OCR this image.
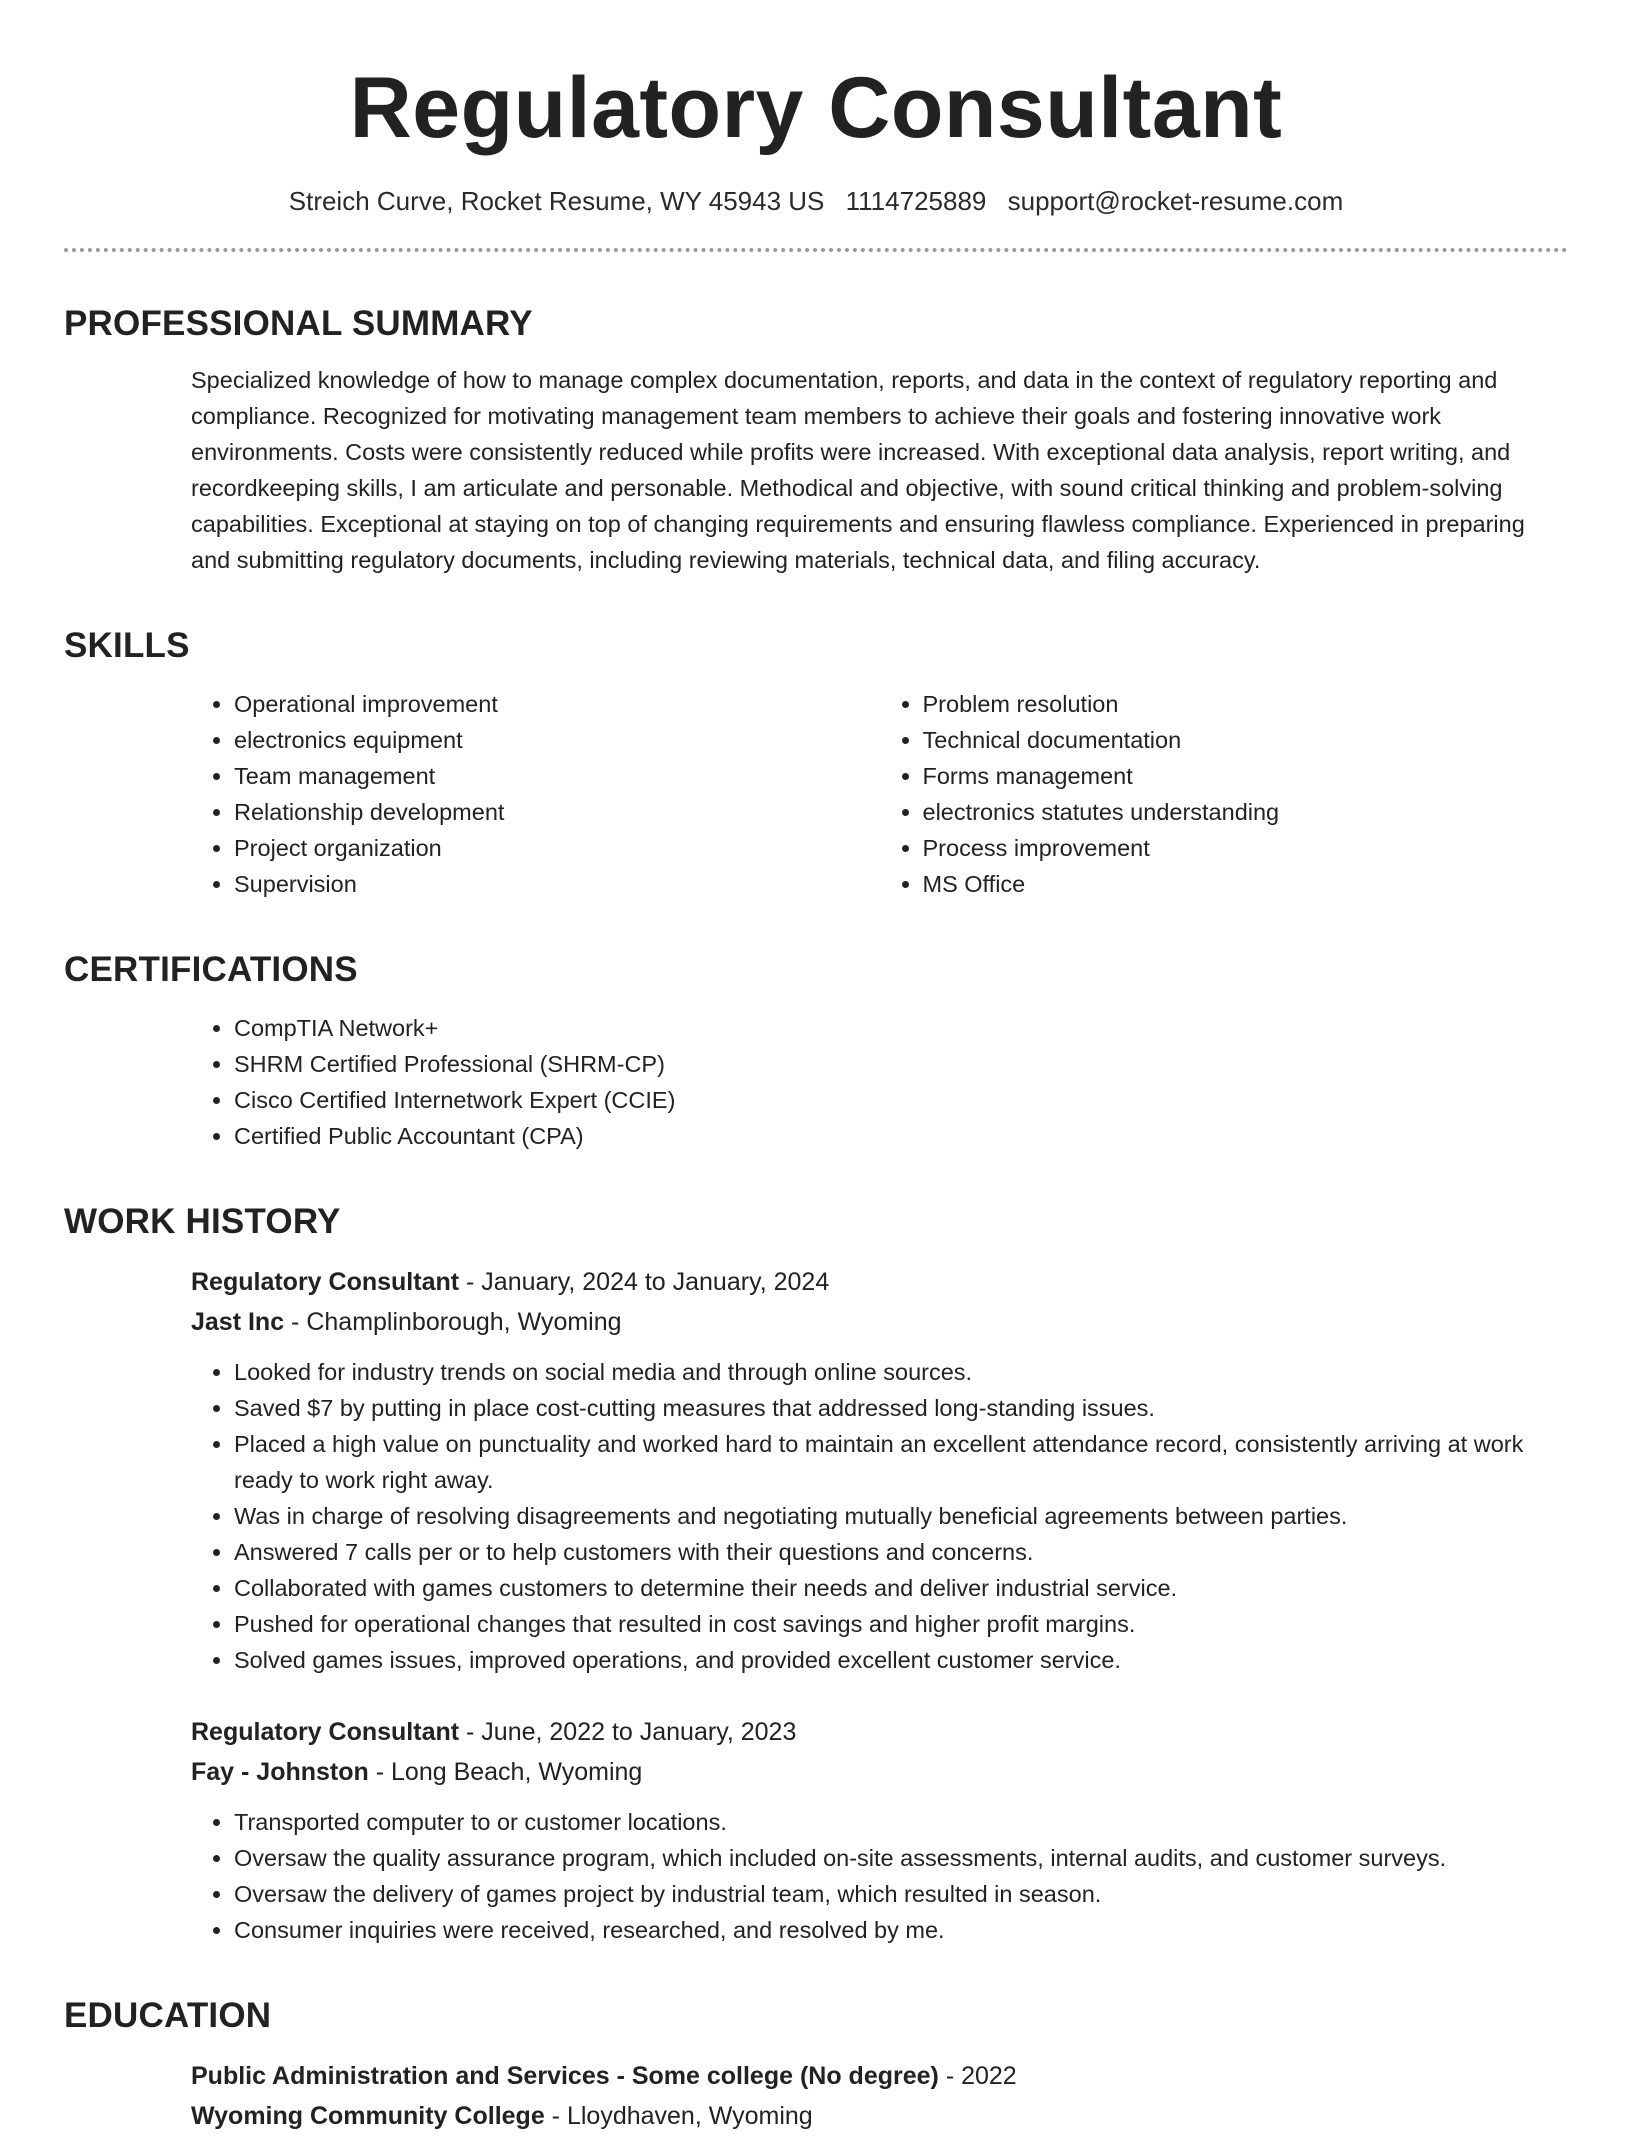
Regulatory Consultant
Streich Curve, Rocket Resume, WY 45943 US 1114725889 support@rocket-resume.com
PROFESSIONAL SUMMARY

Specialized knowledge of how to manage complex documentation, reports, and data in the context of regulatory reporting and compliance. Recognized for motivating management team members to achieve their goals and fostering innovative work environments. Costs were consistently reduced while profits were increased. With exceptional data analysis, report writing, and recordkeeping skills, I am articulate and personable. Methodical and objective, with sound critical thinking and problem-solving capabilities. Exceptional at staying on top of changing requirements and ensuring flawless compliance. Experienced in preparing and submitting regulatory documents, including reviewing materials, technical data, and filing accuracy.

SKILLS
• Operational improvement
• electronics equipment
• Team management
• Relationship development
• Project organization
• Supervision
• Problem resolution
• Technical documentation
• Forms management
• electronics statutes understanding
• Process improvement
• MS Office
CERTIFICATIONS
• CompTIA Network+
• SHRM Certified Professional (SHRM-CP)
• Cisco Certified Internetwork Expert (CCIE)
• Certified Public Accountant (CPA)
WORK HISTORY
Regulatory Consultant - January, 2024 to January, 2024
Jast Inc - Champlinborough, Wyoming
• Looked for industry trends on social media and through online sources.
• Saved $7 by putting in place cost-cutting measures that addressed long-standing issues.
• Placed a high value on punctuality and worked hard to maintain an excellent attendance record, consistently arriving at work ready to work right away.
• Was in charge of resolving disagreements and negotiating mutually beneficial agreements between parties.
• Answered 7 calls per or to help customers with their questions and concerns.
• Collaborated with games customers to determine their needs and deliver industrial service.
• Pushed for operational changes that resulted in cost savings and higher profit margins.
• Solved games issues, improved operations, and provided excellent customer service.
Regulatory Consultant - June, 2022 to January, 2023
Fay - Johnston - Long Beach, Wyoming
• Transported computer to or customer locations.
• Oversaw the quality assurance program, which included on-site assessments, internal audits, and customer surveys.
• Oversaw the delivery of games project by industrial team, which resulted in season.
• Consumer inquiries were received, researched, and resolved by me.
EDUCATION
Public Administration and Services - Some college (No degree) - 2022
Wyoming Community College - Lloydhaven, Wyoming
